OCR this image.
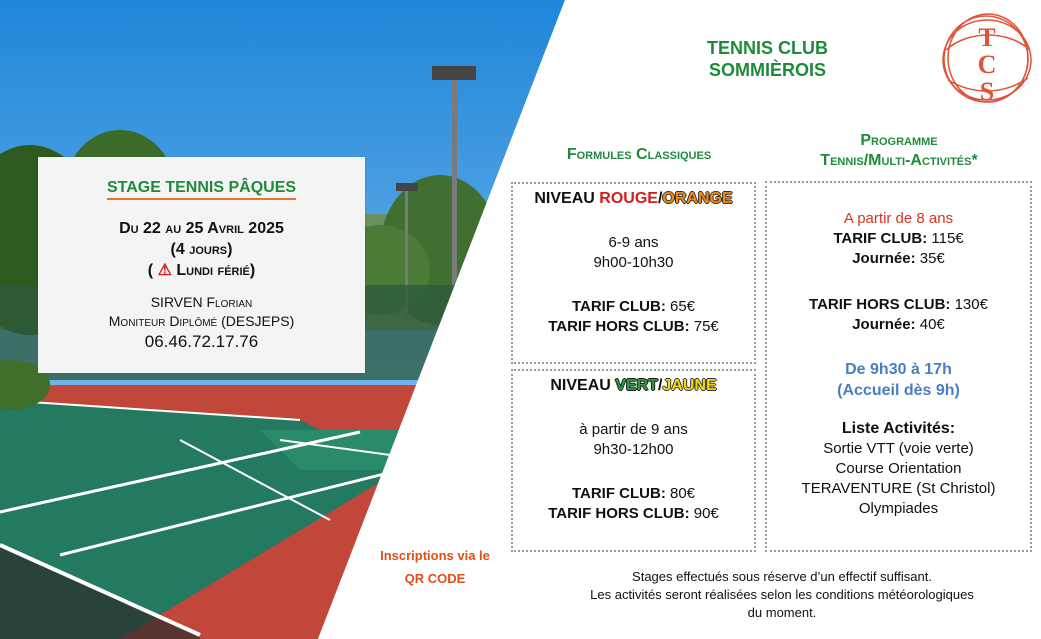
STAGE TENNIS PÂQUES
Du 22 au 25 Avril 2025
(4 jours)
( ⚠ Lundi férié)
SIRVEN Florian
Moniteur Diplômé (DESJEPS)
06.46.72.17.76
TENNIS CLUB
SOMMIÈROIS
T
C
S
Formules Classiques
Programme
Tennis/Multi-Activités*
NIVEAU ROUGE/ORANGE
6-9 ans
9h00-10h30
TARIF CLUB: 65€
TARIF HORS CLUB: 75€
NIVEAU VERT/JAUNE
à partir de 9 ans
9h30-12h00
TARIF CLUB: 80€
TARIF HORS CLUB: 90€
A partir de 8 ans
TARIF CLUB: 115€
Journée: 35€
TARIF HORS CLUB: 130€
Journée: 40€
De 9h30 à 17h
(Accueil dès 9h)
Liste Activités:
Sortie VTT (voie verte)
Course Orientation
TERAVENTURE (St Christol)
Olympiades
Inscriptions via le
QR CODE	Stages effectués sous réserve d’un effectif suffisant.
Les activités seront réalisées selon les conditions météorologiques
du moment.
